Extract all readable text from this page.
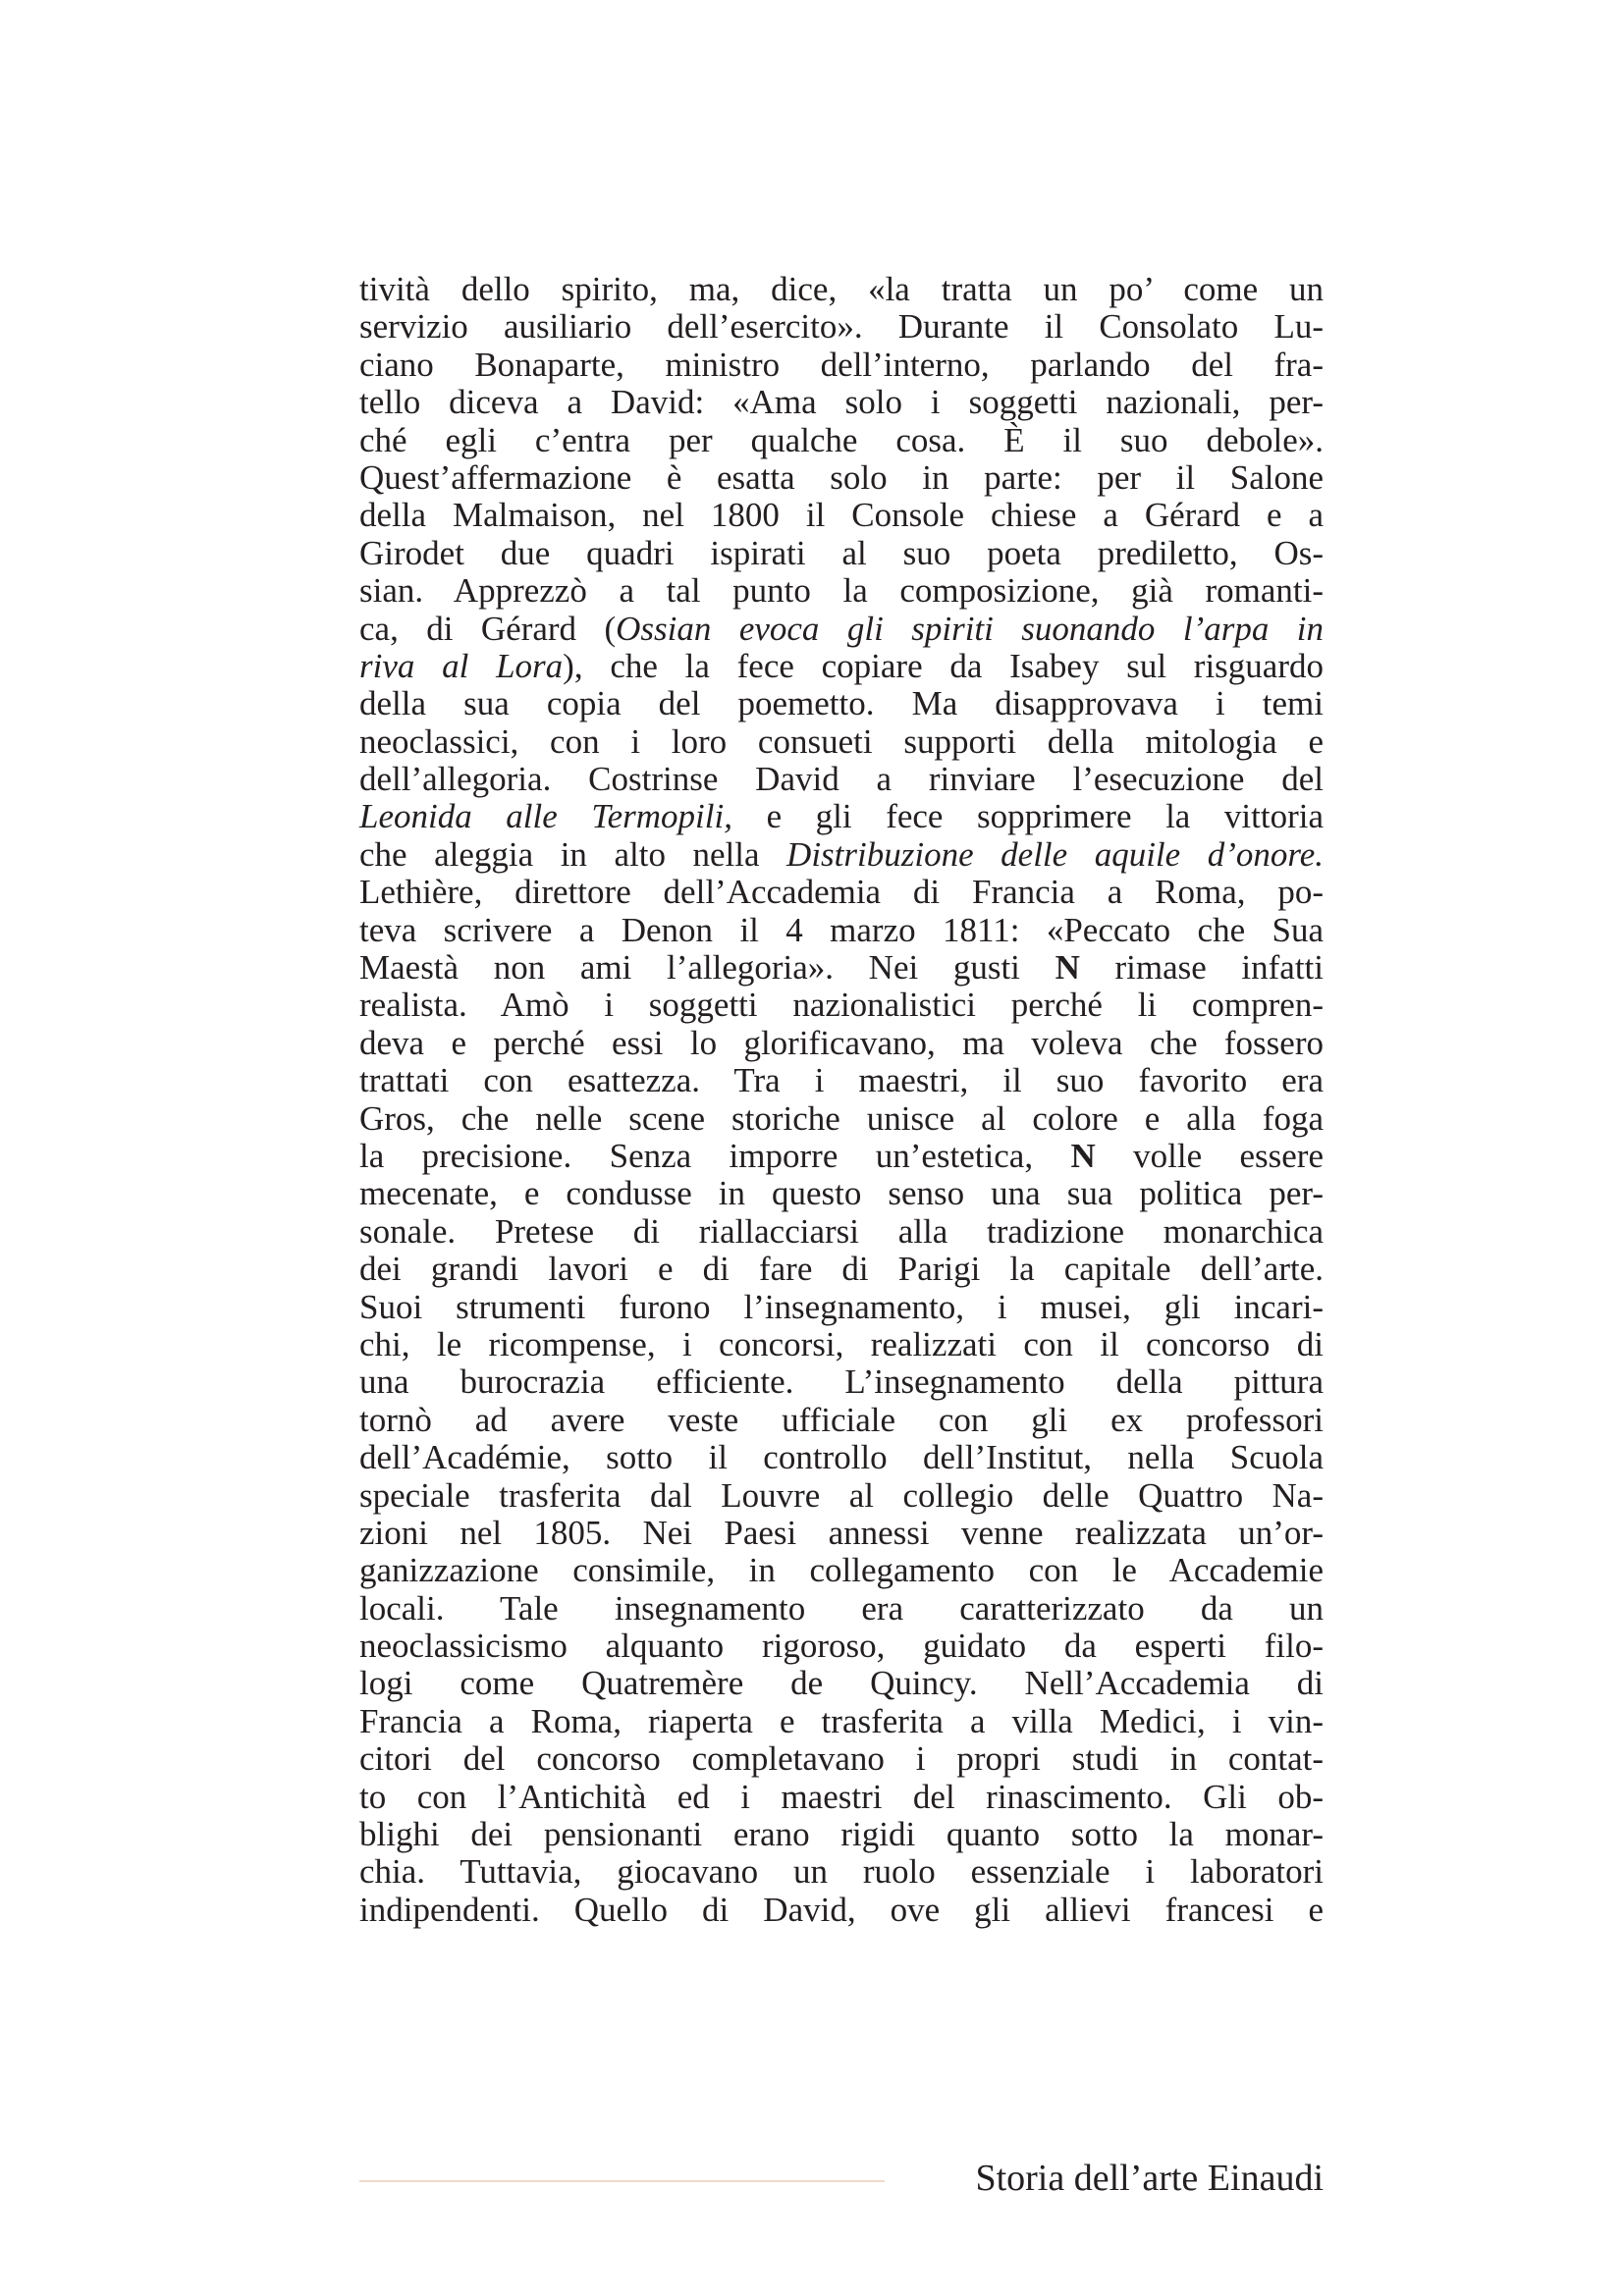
tività dello spirito, ma, dice, «la tratta un po’ come un
servizio ausiliario dell’esercito». Durante il Consolato Lu-
ciano Bonaparte, ministro dell’interno, parlando del fra-
tello diceva a David: «Ama solo i soggetti nazionali, per-
ché egli c’entra per qualche cosa. È il suo debole».
Quest’affermazione è esatta solo in parte: per il Salone
della Malmaison, nel 1800 il Console chiese a Gérard e a
Girodet due quadri ispirati al suo poeta prediletto, Os-
sian. Apprezzò a tal punto la composizione, già romanti-
ca, di Gérard (Ossian evoca gli spiriti suonando l’arpa in
riva al Lora), che la fece copiare da Isabey sul risguardo
della sua copia del poemetto. Ma disapprovava i temi
neoclassici, con i loro consueti supporti della mitologia e
dell’allegoria. Costrinse David a rinviare l’esecuzione del
Leonida alle Termopili, e gli fece sopprimere la vittoria
che aleggia in alto nella Distribuzione delle aquile d’onore.
Lethière, direttore dell’Accademia di Francia a Roma, po-
teva scrivere a Denon il 4 marzo 1811: «Peccato che Sua
Maestà non ami l’allegoria». Nei gusti N rimase infatti
realista. Amò i soggetti nazionalistici perché li compren-
deva e perché essi lo glorificavano, ma voleva che fossero
trattati con esattezza. Tra i maestri, il suo favorito era
Gros, che nelle scene storiche unisce al colore e alla foga
la precisione. Senza imporre un’estetica, N volle essere
mecenate, e condusse in questo senso una sua politica per-
sonale. Pretese di riallacciarsi alla tradizione monarchica
dei grandi lavori e di fare di Parigi la capitale dell’arte.
Suoi strumenti furono l’insegnamento, i musei, gli incari-
chi, le ricompense, i concorsi, realizzati con il concorso di
una burocrazia efficiente. L’insegnamento della pittura
tornò ad avere veste ufficiale con gli ex professori
dell’Académie, sotto il controllo dell’Institut, nella Scuola
speciale trasferita dal Louvre al collegio delle Quattro Na-
zioni nel 1805. Nei Paesi annessi venne realizzata un’or-
ganizzazione consimile, in collegamento con le Accademie
locali. Tale insegnamento era caratterizzato da un
neoclassicismo alquanto rigoroso, guidato da esperti filo-
logi come Quatremère de Quincy. Nell’Accademia di
Francia a Roma, riaperta e trasferita a villa Medici, i vin-
citori del concorso completavano i propri studi in contat-
to con l’Antichità ed i maestri del rinascimento. Gli ob-
blighi dei pensionanti erano rigidi quanto sotto la monar-
chia. Tuttavia, giocavano un ruolo essenziale i laboratori
indipendenti. Quello di David, ove gli allievi francesi e
Storia dell’arte Einaudi
